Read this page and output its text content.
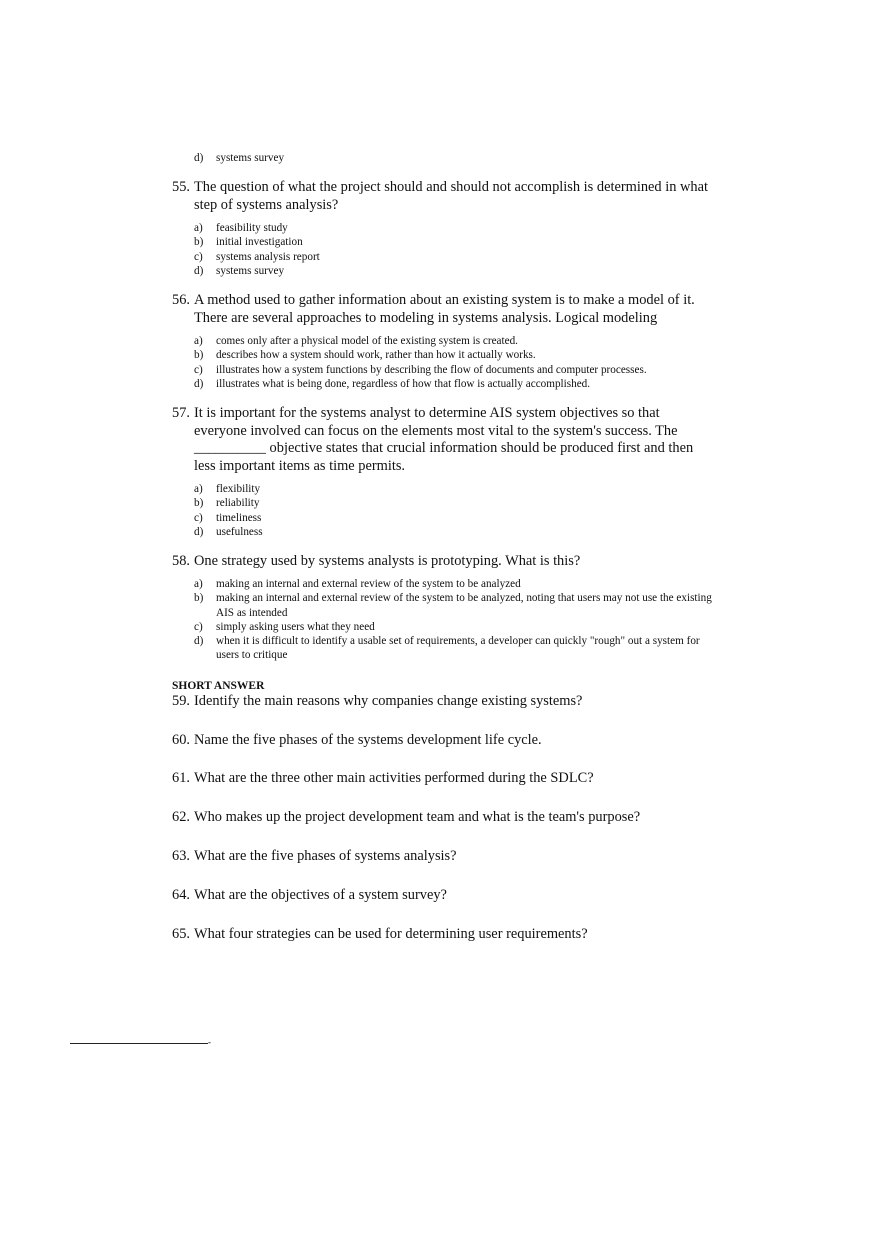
d)	systems survey
55. The question of what the project should and should not accomplish is determined in what step of systems analysis?
a)	feasibility study
b)	initial investigation
c)	systems analysis report
d)	systems survey
56. A method used to gather information about an existing system is to make a model of it. There are several approaches to modeling in systems analysis. Logical modeling
a)	comes only after a physical model of the existing system is created.
b)	describes how a system should work, rather than how it actually works.
c)	illustrates how a system functions by describing the flow of documents and computer processes.
d)	illustrates what is being done, regardless of how that flow is actually accomplished.
57. It is important for the systems analyst to determine AIS system objectives so that everyone involved can focus on the elements most vital to the system's success. The __________ objective states that crucial information should be produced first and then less important items as time permits.
a)	flexibility
b)	reliability
c)	timeliness
d)	usefulness
58. One strategy used by systems analysts is prototyping. What is this?
a)	making an internal and external review of the system to be analyzed
b)	making an internal and external review of the system to be analyzed, noting that users may not use the existing AIS as intended
c)	simply asking users what they need
d)	when it is difficult to identify a usable set of requirements, a developer can quickly "rough" out a system for users to critique
SHORT ANSWER
59. Identify the main reasons why companies change existing systems?
60. Name the five phases of the systems development life cycle.
61. What are the three other main activities performed during the SDLC?
62. Who makes up the project development team and what is the team's purpose?
63. What are the five phases of systems analysis?
64. What are the objectives of a system survey?
65. What four strategies can be used for determining user requirements?
-
